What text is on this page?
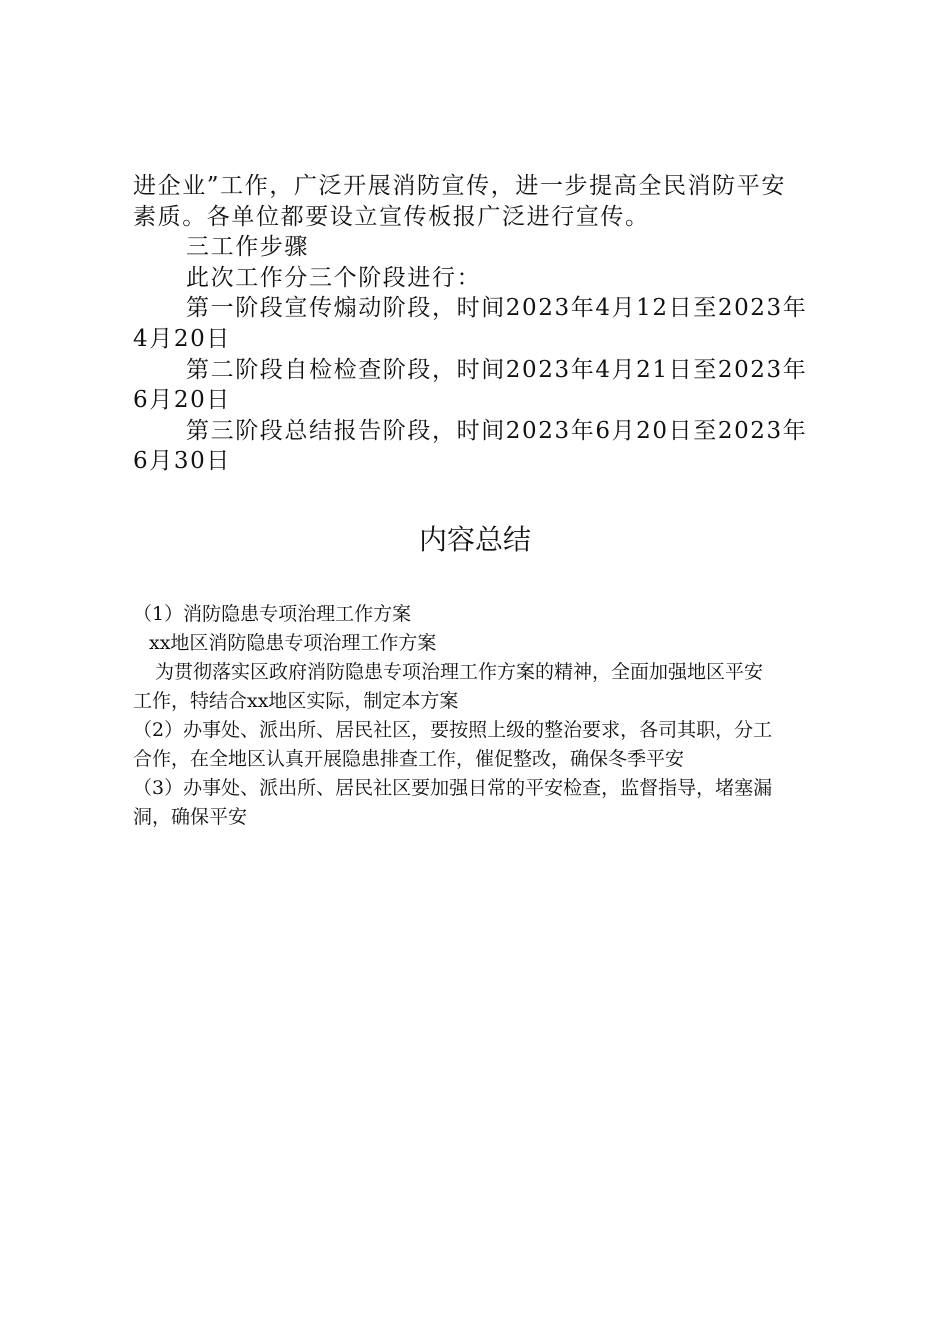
进企业”工作，广泛开展消防宣传，进一步提高全民消防平安
素质。各单位都要设立宣传板报广泛进行宣传。
三工作步骤
此次工作分三个阶段进行：
第一阶段宣传煽动阶段，时间2023年4月12日至2023年
4月20日
第二阶段自检检查阶段，时间2023年4月21日至2023年
6月20日
第三阶段总结报告阶段，时间2023年6月20日至2023年
6月30日
内容总结
（1）消防隐患专项治理工作方案
xx地区消防隐患专项治理工作方案
为贯彻落实区政府消防隐患专项治理工作方案的精神，全面加强地区平安
工作，特结合xx地区实际，制定本方案
（2）办事处、派出所、居民社区，要按照上级的整治要求，各司其职，分工
合作，在全地区认真开展隐患排查工作，催促整改，确保冬季平安
（3）办事处、派出所、居民社区要加强日常的平安检查，监督指导，堵塞漏
洞，确保平安
